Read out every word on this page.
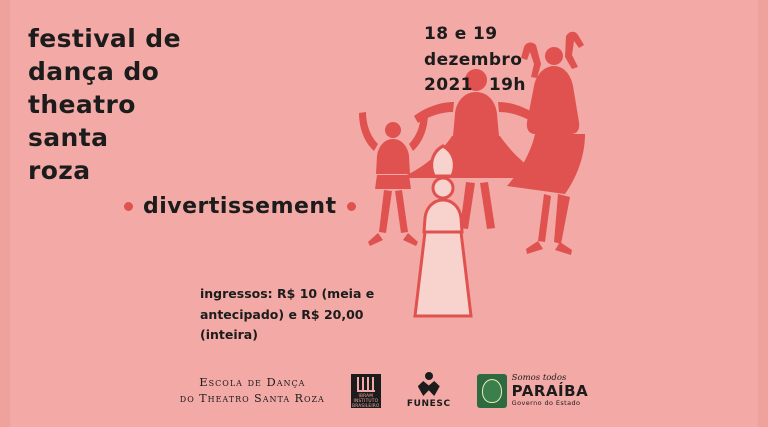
festival de
dança do
theatro
santa
roza
18 e 19
dezembro
2021 19h
divertissement
ingressos: R$ 10 (meia e
antecipado) e R$ 20,00
(inteira)
Escola de Dança
do Theatro Santa Roza	IBRAM INSTITUTO BRASILEIRO DE MUSEUS
FUNESC
Somos todos
PARAÍBA
Governo do Estado
